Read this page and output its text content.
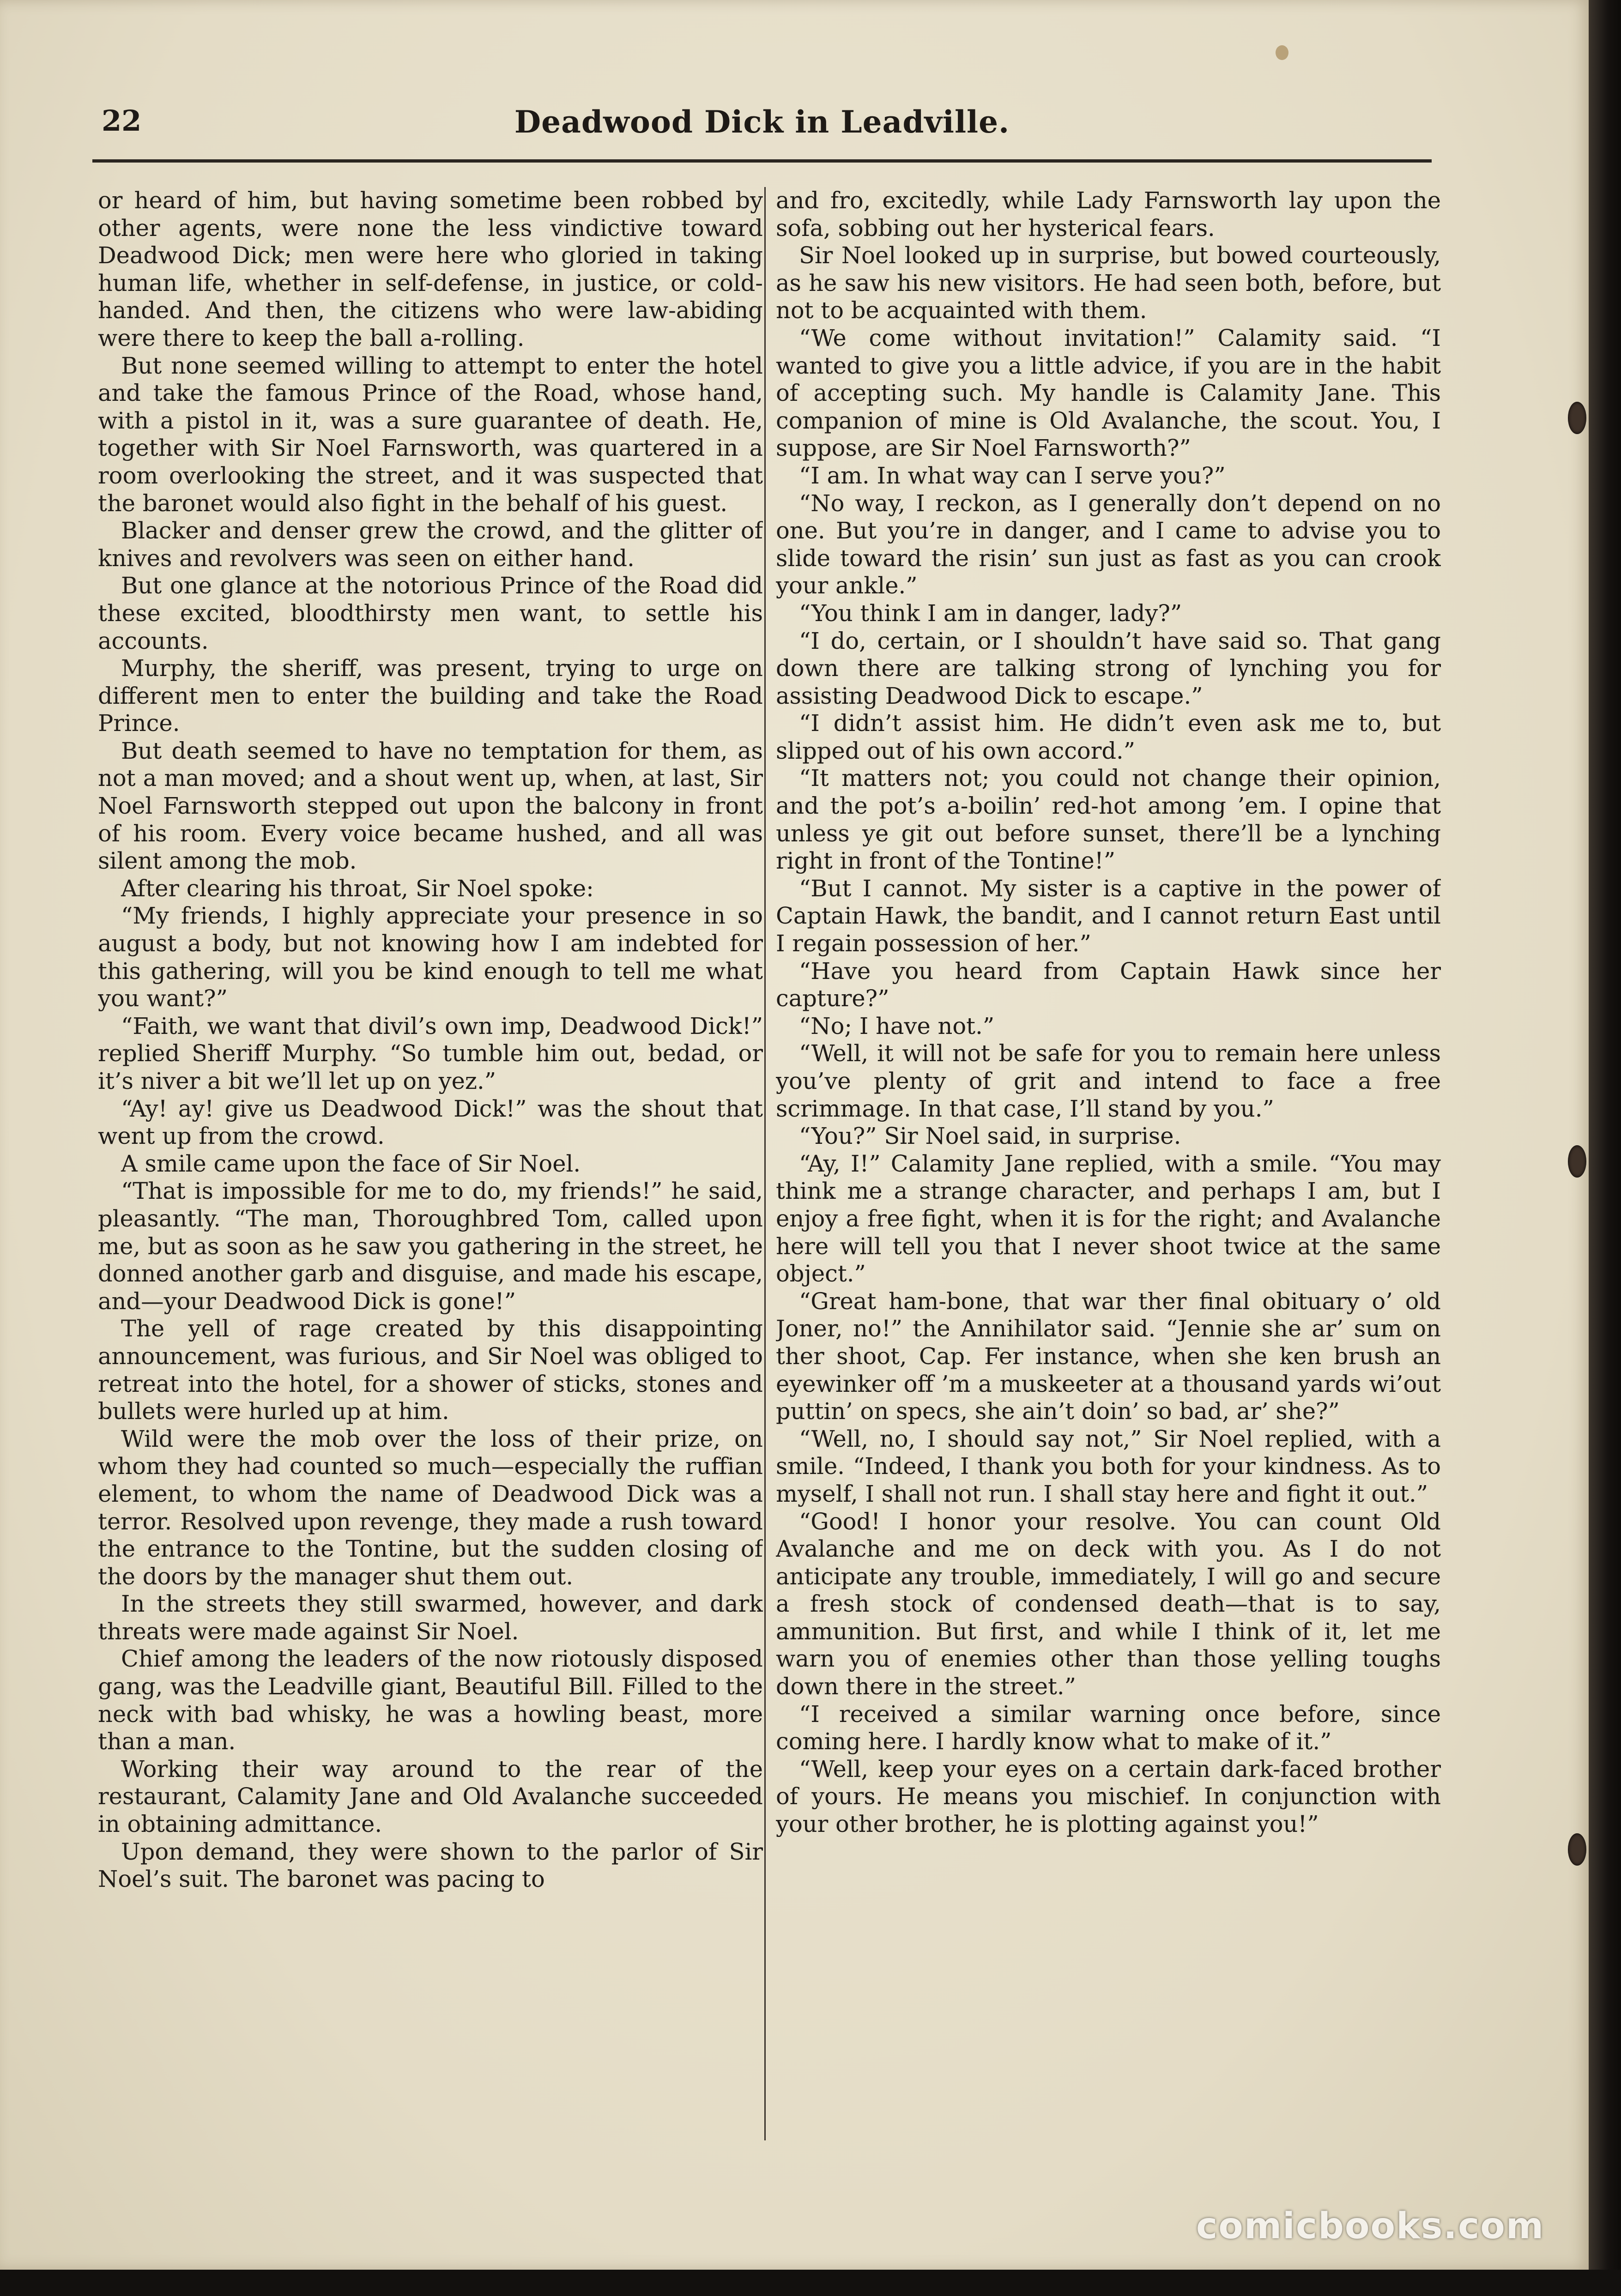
22	Deadwood Dick in Leadville.

or heard of him, but having sometime been robbed by other agents, were none the less vindictive toward Deadwood Dick; men were here who gloried in taking human life, whether in self-defense, in justice, or cold-handed. And then, the citizens who were law-abiding were there to keep the ball a-rolling.

But none seemed willing to attempt to enter the hotel and take the famous Prince of the Road, whose hand, with a pistol in it, was a sure guarantee of death. He, together with Sir Noel Farnsworth, was quartered in a room overlooking the street, and it was suspected that the baronet would also fight in the behalf of his guest.

Blacker and denser grew the crowd, and the glitter of knives and revolvers was seen on either hand.

But one glance at the notorious Prince of the Road did these excited, bloodthirsty men want, to settle his accounts.

Murphy, the sheriff, was present, trying to urge on different men to enter the building and take the Road Prince.

But death seemed to have no temptation for them, as not a man moved; and a shout went up, when, at last, Sir Noel Farnsworth stepped out upon the balcony in front of his room. Every voice became hushed, and all was silent among the mob.

After clearing his throat, Sir Noel spoke:

“My friends, I highly appreciate your presence in so august a body, but not knowing how I am indebted for this gathering, will you be kind enough to tell me what you want?”

“Faith, we want that divil’s own imp, Deadwood Dick!” replied Sheriff Murphy. “So tumble him out, bedad, or it’s niver a bit we’ll let up on yez.”

“Ay! ay! give us Deadwood Dick!” was the shout that went up from the crowd.

A smile came upon the face of Sir Noel.

“That is impossible for me to do, my friends!” he said, pleasantly. “The man, Thoroughbred Tom, called upon me, but as soon as he saw you gathering in the street, he donned another garb and disguise, and made his escape, and—your Deadwood Dick is gone!”

The yell of rage created by this disappointing announcement, was furious, and Sir Noel was obliged to retreat into the hotel, for a shower of sticks, stones and bullets were hurled up at him.

Wild were the mob over the loss of their prize, on whom they had counted so much—especially the ruffian element, to whom the name of Deadwood Dick was a terror. Resolved upon revenge, they made a rush toward the entrance to the Tontine, but the sudden closing of the doors by the manager shut them out.

In the streets they still swarmed, however, and dark threats were made against Sir Noel.

Chief among the leaders of the now riotously disposed gang, was the Leadville giant, Beautiful Bill. Filled to the neck with bad whisky, he was a howling beast, more than a man.

Working their way around to the rear of the restaurant, Calamity Jane and Old Avalanche succeeded in obtaining admittance.

Upon demand, they were shown to the parlor of Sir Noel’s suit. The baronet was pacing to

and fro, excitedly, while Lady Farnsworth lay upon the sofa, sobbing out her hysterical fears.

Sir Noel looked up in surprise, but bowed courteously, as he saw his new visitors. He had seen both, before, but not to be acquainted with them.

“We come without invitation!” Calamity said. “I wanted to give you a little advice, if you are in the habit of accepting such. My handle is Calamity Jane. This companion of mine is Old Avalanche, the scout. You, I suppose, are Sir Noel Farnsworth?”

“I am. In what way can I serve you?”

“No way, I reckon, as I generally don’t depend on no one. But you’re in danger, and I came to advise you to slide toward the risin’ sun just as fast as you can crook your ankle.”

“You think I am in danger, lady?”

“I do, certain, or I shouldn’t have said so. That gang down there are talking strong of lynching you for assisting Deadwood Dick to escape.”

“I didn’t assist him. He didn’t even ask me to, but slipped out of his own accord.”

“It matters not; you could not change their opinion, and the pot’s a-boilin’ red-hot among ’em. I opine that unless ye git out before sunset, there’ll be a lynching right in front of the Tontine!”

“But I cannot. My sister is a captive in the power of Captain Hawk, the bandit, and I cannot return East until I regain possession of her.”

“Have you heard from Captain Hawk since her capture?”

“No; I have not.”

“Well, it will not be safe for you to remain here unless you’ve plenty of grit and intend to face a free scrimmage. In that case, I’ll stand by you.”

“You?” Sir Noel said, in surprise.

“Ay, I!” Calamity Jane replied, with a smile. “You may think me a strange character, and perhaps I am, but I enjoy a free fight, when it is for the right; and Avalanche here will tell you that I never shoot twice at the same object.”

“Great ham-bone, that war ther final obituary o’ old Joner, no!” the Annihilator said. “Jennie she ar’ sum on ther shoot, Cap. Fer instance, when she ken brush an eyewinker off ’m a muskeeter at a thousand yards wi’out puttin’ on specs, she ain’t doin’ so bad, ar’ she?”

“Well, no, I should say not,” Sir Noel replied, with a smile. “Indeed, I thank you both for your kindness. As to myself, I shall not run. I shall stay here and fight it out.”

“Good! I honor your resolve. You can count Old Avalanche and me on deck with you. As I do not anticipate any trouble, immediately, I will go and secure a fresh stock of condensed death—that is to say, ammunition. But first, and while I think of it, let me warn you of enemies other than those yelling toughs down there in the street.”

“I received a similar warning once before, since coming here. I hardly know what to make of it.”

“Well, keep your eyes on a certain dark-faced brother of yours. He means you mischief. In conjunction with your other brother, he is plotting against you!”

comicbooks.com
